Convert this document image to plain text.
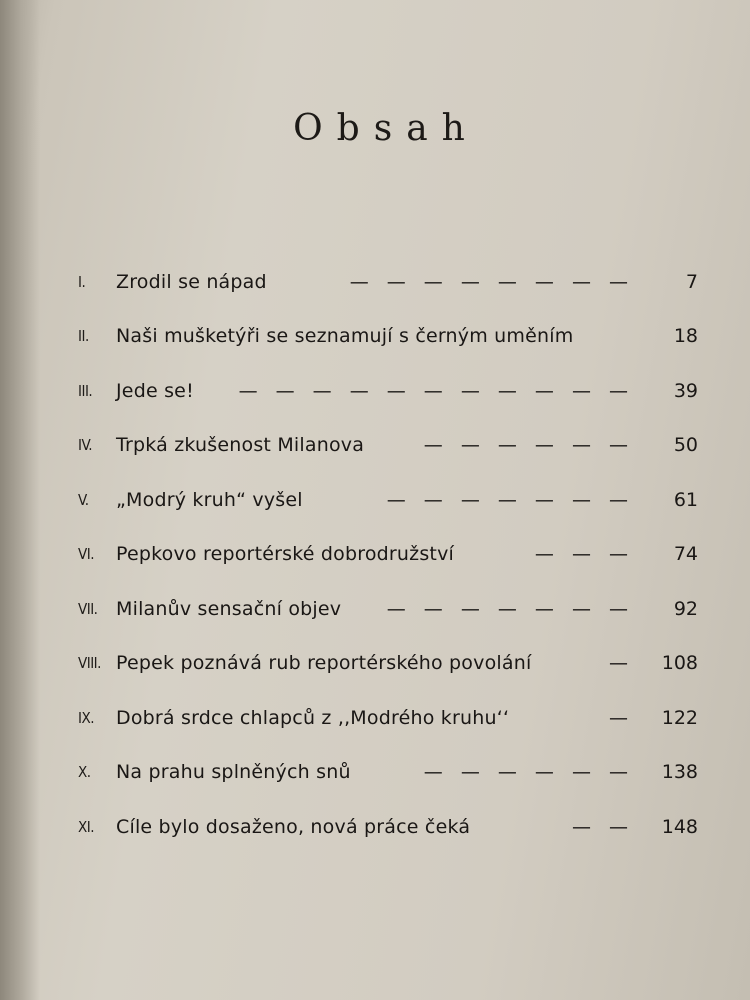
Obsah
I.	Zrodil se nápad	— — — — — — — —	7
II.	Naši mušketýři se seznamují s černým uměním	18
III.	Jede se! — — — — — — — — — — —	39
IV.	Trpká zkušenost Milanova	— — — — — —	50
V.	„Modrý kruh“ vyšel	— — — — — — —	61
VI.	Pepkovo reportérské dobrodružství	— — —	74
VII. Milanův sensační objev — — — — — — —	92
VIII. Pepek poznává rub reportérského povolání	—	108
IX.	Dobrá srdce chlapců z ,,Modrého kruhu‘‘	—	122
X.	Na prahu splněných snů	— — — — — —	138
XI.	Cíle bylo dosaženo, nová práce čeká	— —	148
